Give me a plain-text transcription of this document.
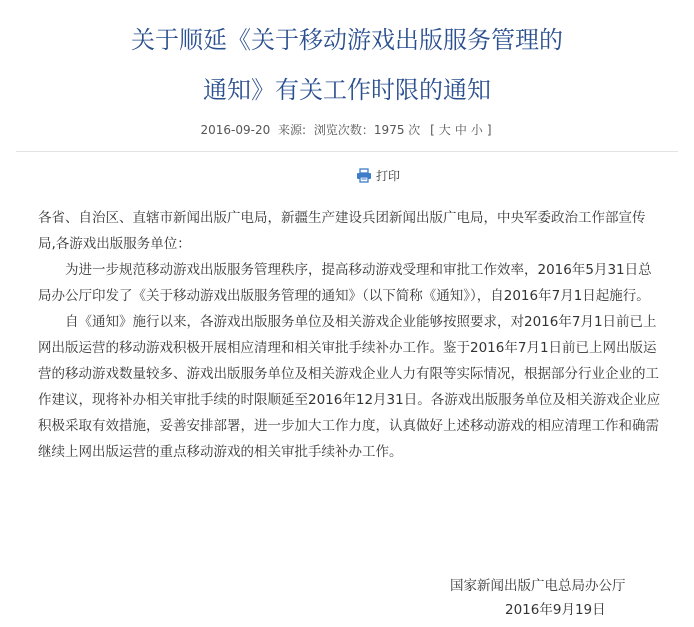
关于顺延《关于移动游戏出版服务管理的
通知》有关工作时限的通知
2016-09-20 来源: 浏览次数：1975 次 [ 大 中 小 ]
打印

各省、自治区、直辖市新闻出版广电局，新疆生产建设兵团新闻出版广电局，中央军委政治工作部宣传局,各游戏出版服务单位：

为进一步规范移动游戏出版服务管理秩序，提高移动游戏受理和审批工作效率，2016年5月31日总局办公厅印发了《关于移动游戏出版服务管理的通知》（以下简称《通知》），自2016年7月1日起施行。

自《通知》施行以来，各游戏出版服务单位及相关游戏企业能够按照要求，对2016年7月1日前已上网出版运营的移动游戏积极开展相应清理和相关审批手续补办工作。鉴于2016年7月1日前已上网出版运营的移动游戏数量较多、游戏出版服务单位及相关游戏企业人力有限等实际情况，根据部分行业企业的工作建议，现将补办相关审批手续的时限顺延至2016年12月31日。各游戏出版服务单位及相关游戏企业应积极采取有效措施，妥善安排部署，进一步加大工作力度，认真做好上述移动游戏的相应清理工作和确需继续上网出版运营的重点移动游戏的相关审批手续补办工作。

国家新闻出版广电总局办公厅
2016年9月19日
